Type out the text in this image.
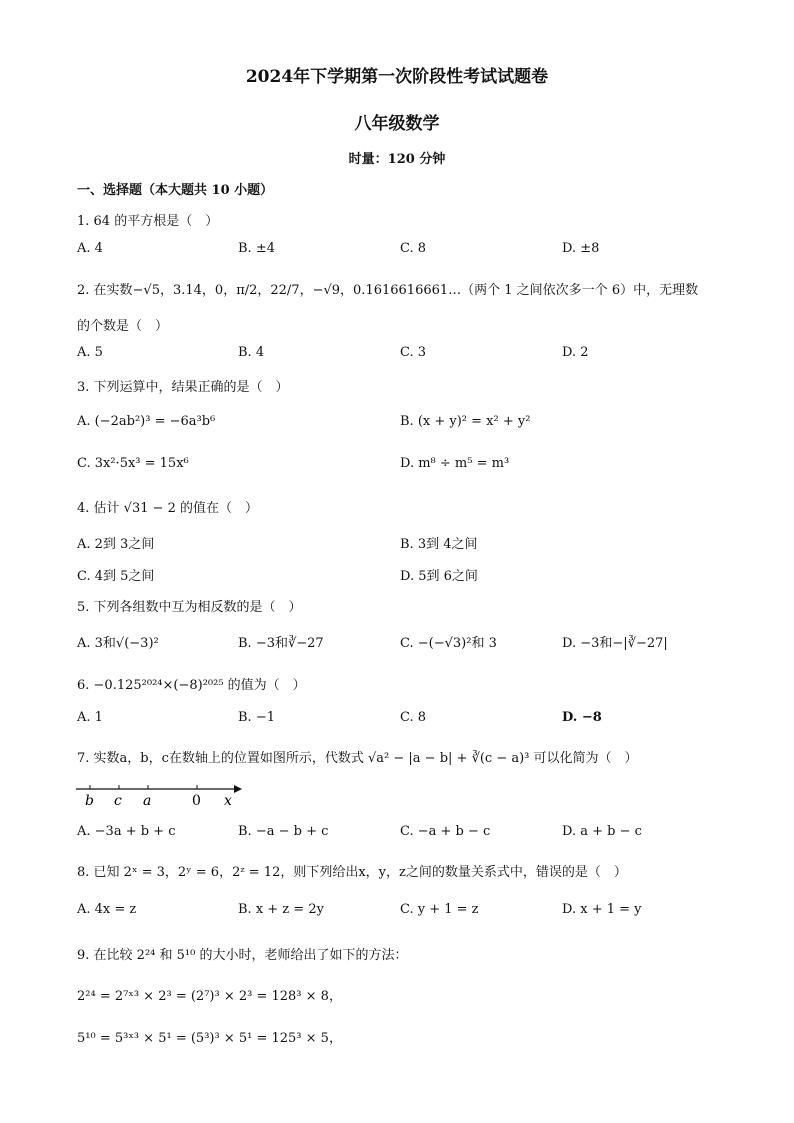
2024年下学期第一次阶段性考试试题卷
八年级数学
时量：120 分钟
一、选择题（本大题共 10 小题）
1. 64 的平方根是（　）
A. 4	B. ±4	C. 8	D. ±8
2. 在实数−√5，3.14，0，π/2，22/7，−√9，0.1616616661…（两个 1 之间依次多一个 6）中，无理数
的个数是（　）
A. 5	B. 4	C. 3	D. 2
3. 下列运算中，结果正确的是（　）
A. (−2ab²)³ = −6a³b⁶	B. (x + y)² = x² + y²
C. 3x²·5x³ = 15x⁶	D. m⁸ ÷ m⁵ = m³
4. 估计 √31 − 2 的值在（　）
A. 2到 3之间	B. 3到 4之间
C. 4到 5之间	D. 5到 6之间
5. 下列各组数中互为相反数的是（　）
A. 3和√(−3)²	B. −3和∛−27	C. −(−√3)²和 3	D. −3和−|∛−27|
6. −0.125²⁰²⁴×(−8)²⁰²⁵ 的值为（　）
A. 1	B. −1	C. 8	D. −8
7. 实数a，b，c在数轴上的位置如图所示，代数式 √a² − |a − b| + ∛(c − a)³ 可以化简为（　）
b c a	0 x
A. −3a + b + c	B. −a − b + c	C. −a + b − c	D. a + b − c
8. 已知 2ˣ = 3，2ʸ = 6，2ᶻ = 12，则下列给出x，y，z之间的数量关系式中，错误的是（　）
A. 4x = z	B. x + z = 2y	C. y + 1 = z	D. x + 1 = y
9. 在比较 2²⁴ 和 5¹⁰ 的大小时，老师给出了如下的方法：
2²⁴ = 2⁷ˣ³ × 2³ = (2⁷)³ × 2³ = 128³ × 8，
5¹⁰ = 5³ˣ³ × 5¹ = (5³)³ × 5¹ = 125³ × 5，
